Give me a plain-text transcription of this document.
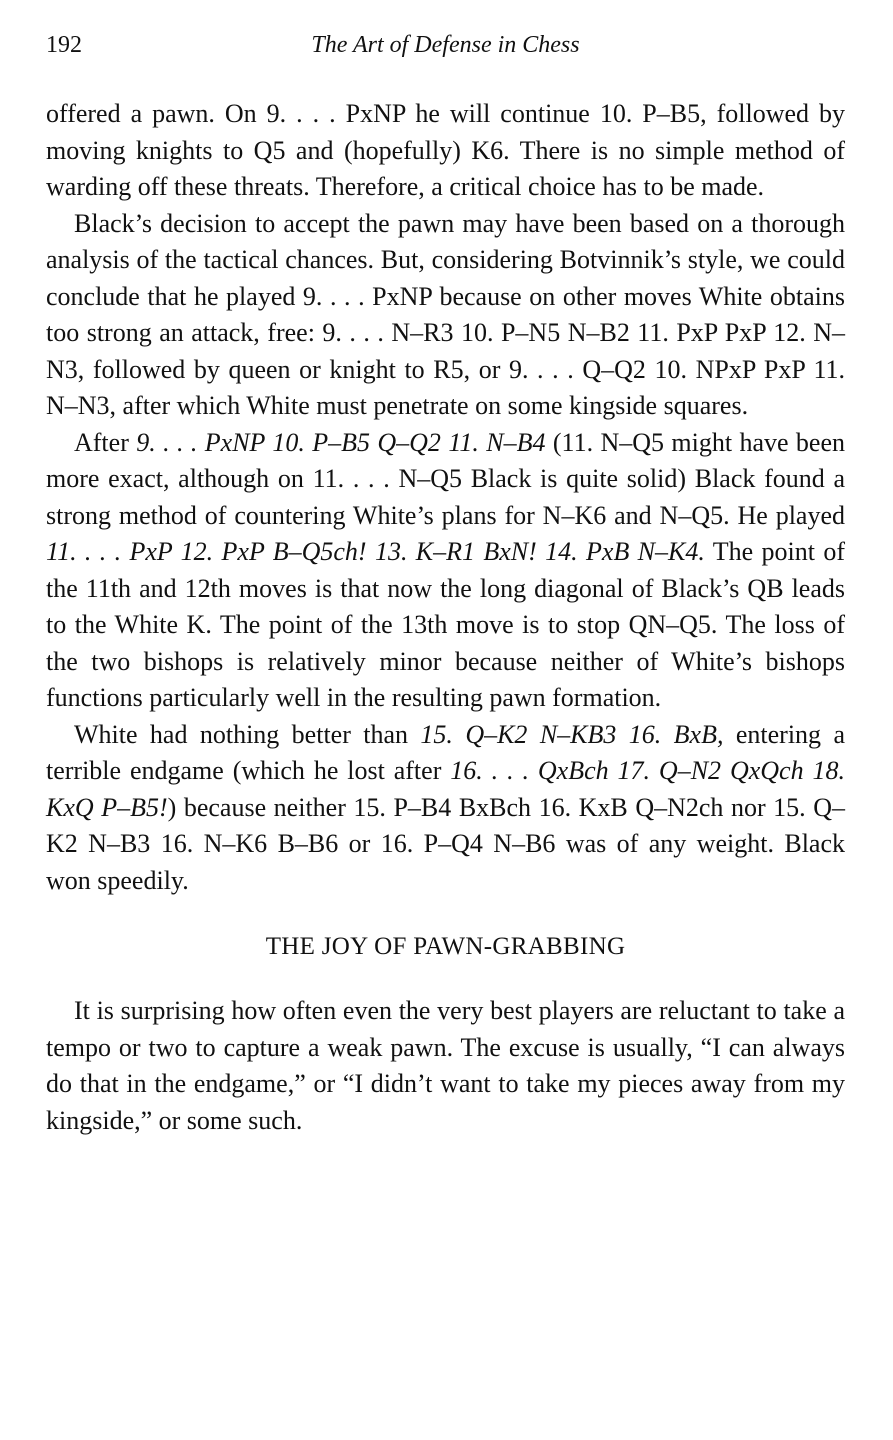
192	The Art of Defense in Chess

offered a pawn. On 9. . . . PxNP he will continue 10. P–B5, followed by moving knights to Q5 and (hopefully) K6. There is no simple method of warding off these threats. Therefore, a critical choice has to be made.

Black’s decision to accept the pawn may have been based on a thorough analysis of the tactical chances. But, considering Botvinnik’s style, we could conclude that he played 9. . . . PxNP because on other moves White obtains too strong an attack, free: 9. . . . N–R3 10. P–N5 N–B2 11. PxP PxP 12. N–N3, followed by queen or knight to R5, or 9. . . . Q–Q2 10. NPxP PxP 11. N–N3, after which White must penetrate on some kingside squares.

After 9. . . . PxNP 10. P–B5 Q–Q2 11. N–B4 (11. N–Q5 might have been more exact, although on 11. . . . N–Q5 Black is quite solid) Black found a strong method of countering White’s plans for N–K6 and N–Q5. He played 11. . . . PxP 12. PxP B–Q5ch! 13. K–R1 BxN! 14. PxB N–K4. The point of the 11th and 12th moves is that now the long diagonal of Black’s QB leads to the White K. The point of the 13th move is to stop QN–Q5. The loss of the two bishops is relatively minor because neither of White’s bishops functions particularly well in the resulting pawn formation.

White had nothing better than 15. Q–K2 N–KB3 16. BxB, entering a terrible endgame (which he lost after 16. . . . QxBch 17. Q–N2 QxQch 18. KxQ P–B5!) because neither 15. P–B4 BxBch 16. KxB Q–N2ch nor 15. Q–K2 N–B3 16. N–K6 B–B6 or 16. P–Q4 N–B6 was of any weight. Black won speedily.

THE JOY OF PAWN-GRABBING

It is surprising how often even the very best players are reluctant to take a tempo or two to capture a weak pawn. The excuse is usually, “I can always do that in the endgame,” or “I didn’t want to take my pieces away from my kingside,” or some such.
